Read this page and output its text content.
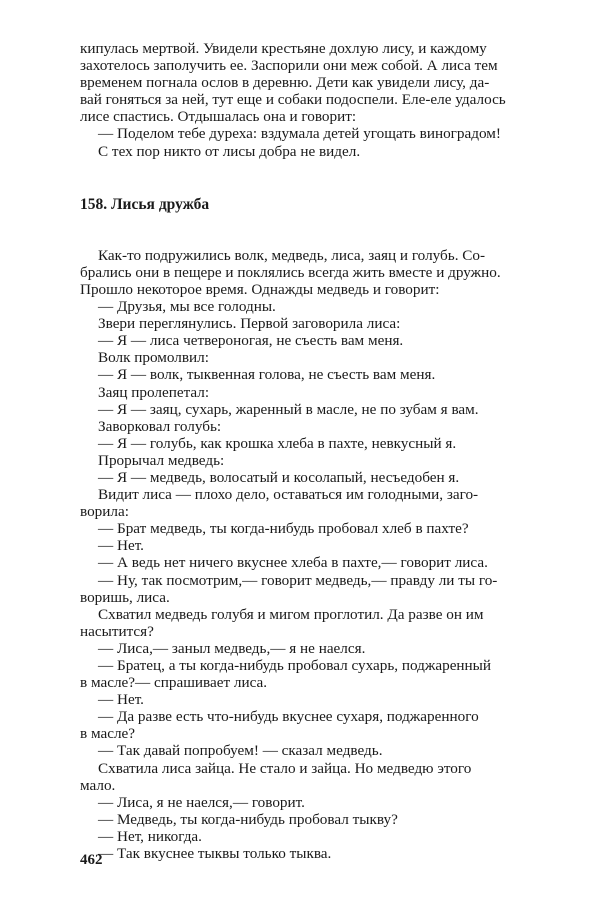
кипулась мертвой. Увидели крестьяне дохлую лису, и каждому
захотелось заполучить ее. Заспорили они меж собой. А лиса тем
временем погнала ослов в деревню. Дети как увидели лису, да-
вай гоняться за ней, тут еще и собаки подоспели. Еле-еле удалось
лисе спастись. Отдышалась она и говорит:
— Поделом тебе дуреха: вздумала детей угощать виноградом!
С тех пор никто от лисы добра не видел.
158. Лисья дружба
Как-то подружились волк, медведь, лиса, заяц и голубь. Со-
брались они в пещере и поклялись всегда жить вместе и дружно.
Прошло некоторое время. Однажды медведь и говорит:
— Друзья, мы все голодны.
Звери переглянулись. Первой заговорила лиса:
— Я — лиса четвероногая, не съесть вам меня.
Волк промолвил:
— Я — волк, тыквенная голова, не съесть вам меня.
Заяц пролепетал:
— Я — заяц, сухарь, жаренный в масле, не по зубам я вам.
Заворковал голубь:
— Я — голубь, как крошка хлеба в пахте, невкусный я.
Прорычал медведь:
— Я — медведь, волосатый и косолапый, несъедобен я.
Видит лиса — плохо дело, оставаться им голодными, заго-
ворила:
— Брат медведь, ты когда-нибудь пробовал хлеб в пахте?
— Нет.
— А ведь нет ничего вкуснее хлеба в пахте,— говорит лиса.
— Ну, так посмотрим,— говорит медведь,— правду ли ты го-
воришь, лиса.
Схватил медведь голубя и мигом проглотил. Да разве он им
насытится?
— Лиса,— заныл медведь,— я не наелся.
— Братец, а ты когда-нибудь пробовал сухарь, поджаренный
в масле?— спрашивает лиса.
— Нет.
— Да разве есть что-нибудь вкуснее сухаря, поджаренного
в масле?
— Так давай попробуем! — сказал медведь.
Схватила лиса зайца. Не стало и зайца. Но медведю этого
мало.
— Лиса, я не наелся,— говорит.
— Медведь, ты когда-нибудь пробовал тыкву?
— Нет, никогда.
— Так вкуснее тыквы только тыква.
462
